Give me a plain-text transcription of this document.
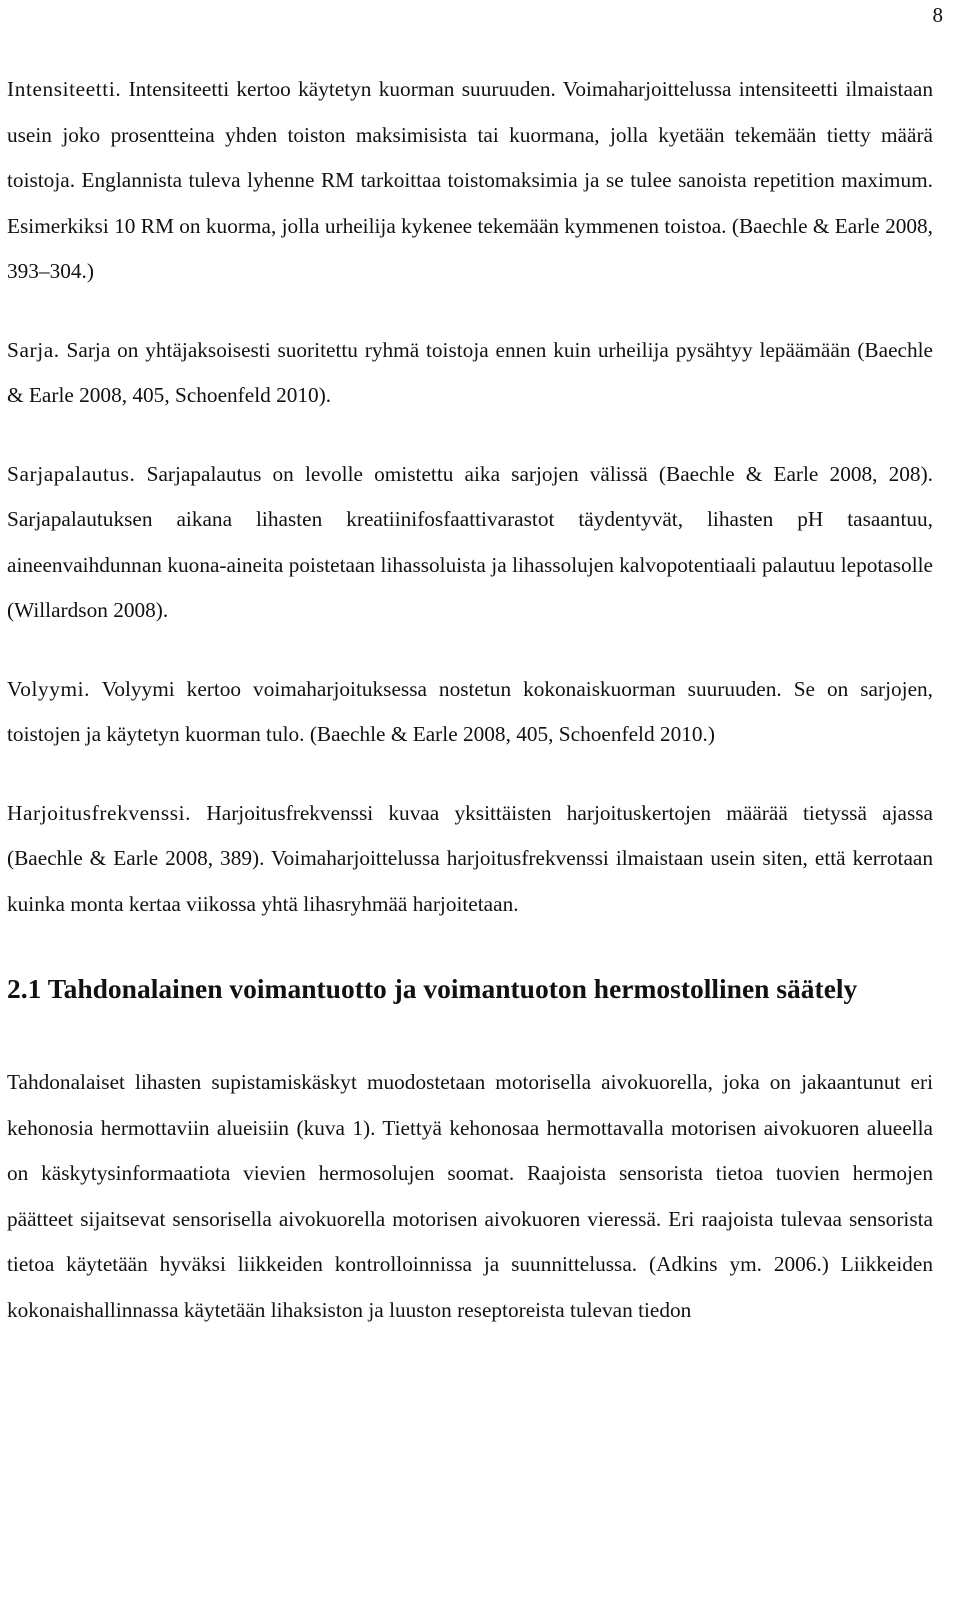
8

Intensiteetti. Intensiteetti kertoo käytetyn kuorman suuruuden. Voimaharjoittelussa intensiteetti ilmaistaan usein joko prosentteina yhden toiston maksimisista tai kuormana, jolla kyetään tekemään tietty määrä toistoja. Englannista tuleva lyhenne RM tarkoittaa toistomaksimia ja se tulee sanoista repetition maximum. Esimerkiksi 10 RM on kuorma, jolla urheilija kykenee tekemään kymmenen toistoa. (Baechle & Earle 2008, 393–304.)

Sarja. Sarja on yhtäjaksoisesti suoritettu ryhmä toistoja ennen kuin urheilija pysähtyy lepäämään (Baechle & Earle 2008, 405, Schoenfeld 2010).

Sarjapalautus. Sarjapalautus on levolle omistettu aika sarjojen välissä (Baechle & Earle 2008, 208). Sarjapalautuksen aikana lihasten kreatiinifosfaattivarastot täydentyvät, lihasten pH tasaantuu, aineenvaihdunnan kuona-aineita poistetaan lihassoluista ja lihassolujen kalvopotentiaali palautuu lepotasolle (Willardson 2008).

Volyymi. Volyymi kertoo voimaharjoituksessa nostetun kokonaiskuorman suuruuden. Se on sarjojen, toistojen ja käytetyn kuorman tulo. (Baechle & Earle 2008, 405, Schoenfeld 2010.)

Harjoitusfrekvenssi. Harjoitusfrekvenssi kuvaa yksittäisten harjoituskertojen määrää tietyssä ajassa (Baechle & Earle 2008, 389). Voimaharjoittelussa harjoitusfrekvenssi ilmaistaan usein siten, että kerrotaan kuinka monta kertaa viikossa yhtä lihasryhmää harjoitetaan.

2.1 Tahdonalainen voimantuotto ja voimantuoton hermostollinen säätely

Tahdonalaiset lihasten supistamiskäskyt muodostetaan motorisella aivokuorella, joka on jakaantunut eri kehonosia hermottaviin alueisiin (kuva 1). Tiettyä kehonosaa hermottavalla motorisen aivokuoren alueella on käskytysinformaatiota vievien hermosolujen soomat. Raajoista sensorista tietoa tuovien hermojen päätteet sijaitsevat sensorisella aivokuorella motorisen aivokuoren vieressä. Eri raajoista tulevaa sensorista tietoa käytetään hyväksi liikkeiden kontrolloinnissa ja suunnittelussa. (Adkins ym. 2006.) Liikkeiden kokonaishallinnassa käytetään lihaksiston ja luuston reseptoreista tulevan tiedon
